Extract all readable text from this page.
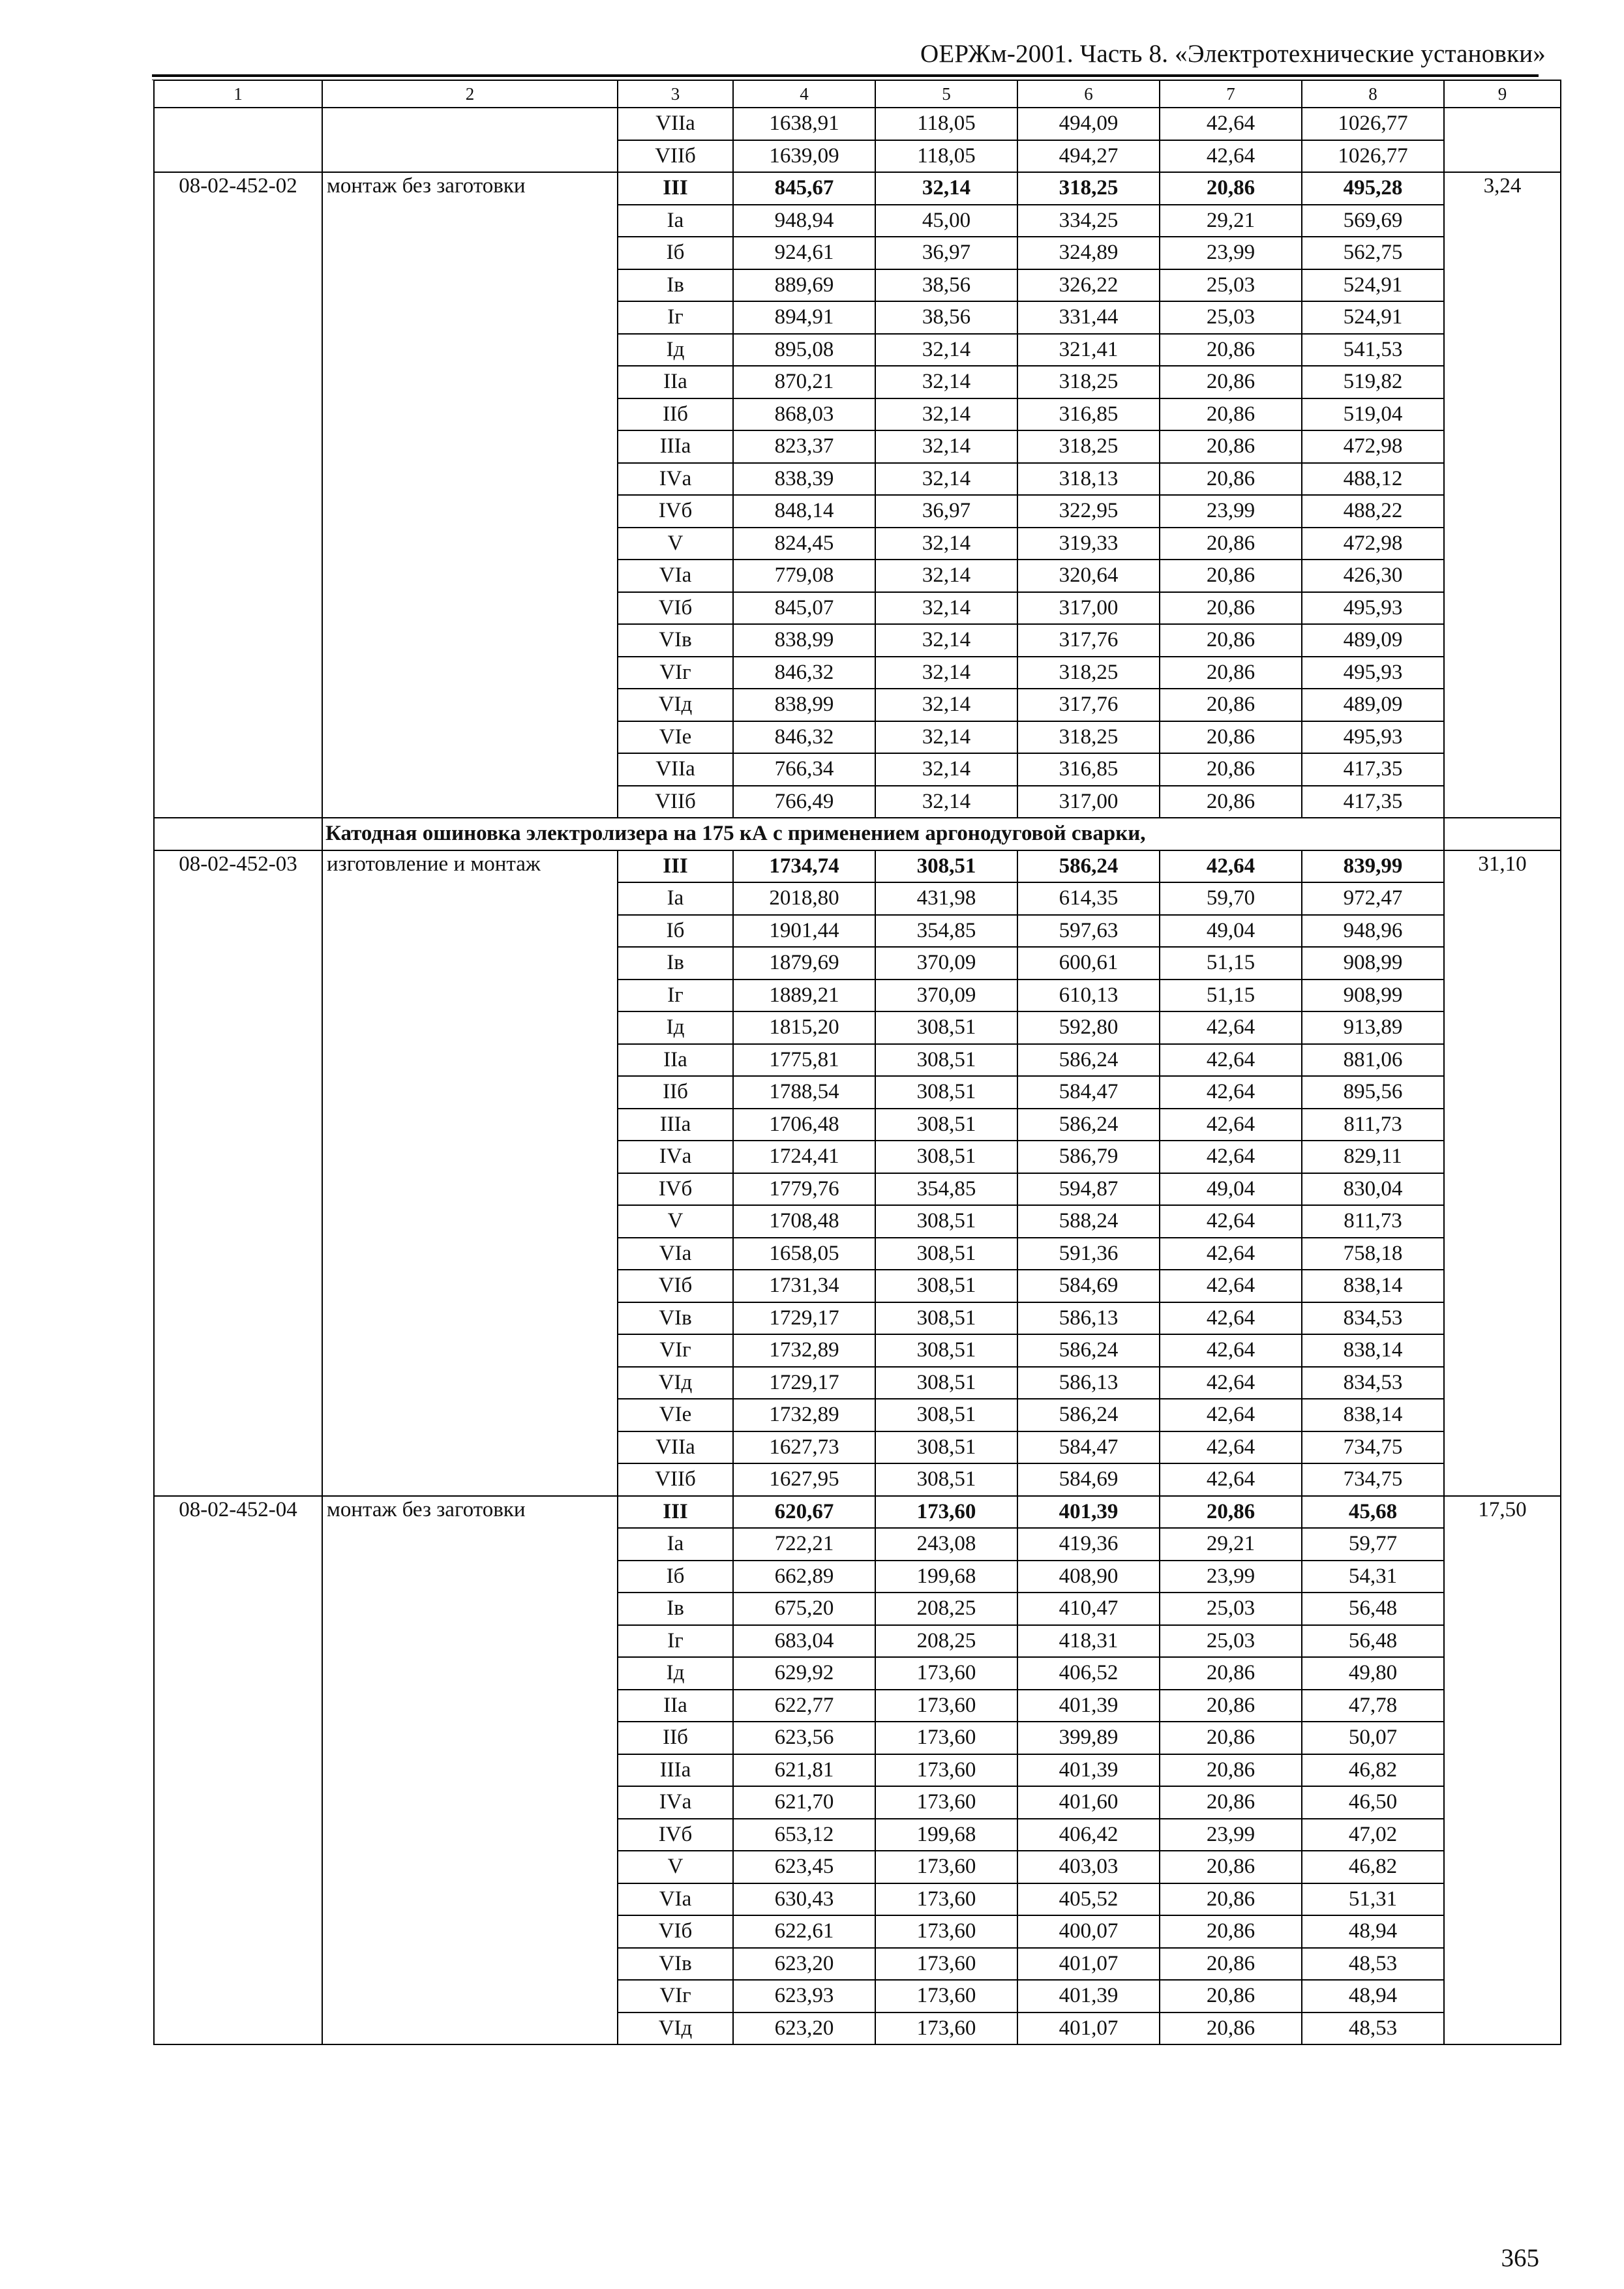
ОЕРЖм-2001. Часть 8. «Электротехнические установки»
1	2	3	4	5	6	7	8	9
		VIIа	1638,91	118,05	494,09	42,64	1026,77	
		VIIб	1639,09	118,05	494,27	42,64	1026,77	
08-02-452-02	монтаж без заготовки	III	845,67	32,14	318,25	20,86	495,28	3,24
		Iа	948,94	45,00	334,25	29,21	569,69	
		Iб	924,61	36,97	324,89	23,99	562,75	
		Iв	889,69	38,56	326,22	25,03	524,91	
		Iг	894,91	38,56	331,44	25,03	524,91	
		Iд	895,08	32,14	321,41	20,86	541,53	
		IIа	870,21	32,14	318,25	20,86	519,82	
		IIб	868,03	32,14	316,85	20,86	519,04	
		IIIа	823,37	32,14	318,25	20,86	472,98	
		IVа	838,39	32,14	318,13	20,86	488,12	
		IVб	848,14	36,97	322,95	23,99	488,22	
		V	824,45	32,14	319,33	20,86	472,98	
		VIа	779,08	32,14	320,64	20,86	426,30	
		VIб	845,07	32,14	317,00	20,86	495,93	
		VIв	838,99	32,14	317,76	20,86	489,09	
		VIг	846,32	32,14	318,25	20,86	495,93	
		VIд	838,99	32,14	317,76	20,86	489,09	
		VIе	846,32	32,14	318,25	20,86	495,93	
		VIIа	766,34	32,14	316,85	20,86	417,35	
		VIIб	766,49	32,14	317,00	20,86	417,35	
	Катодная ошиновка электролизера на 175 кА с применением аргонодуговой сварки,							
08-02-452-03	изготовление и монтаж	III	1734,74	308,51	586,24	42,64	839,99	31,10
		Iа	2018,80	431,98	614,35	59,70	972,47	
		Iб	1901,44	354,85	597,63	49,04	948,96	
		Iв	1879,69	370,09	600,61	51,15	908,99	
		Iг	1889,21	370,09	610,13	51,15	908,99	
		Iд	1815,20	308,51	592,80	42,64	913,89	
		IIа	1775,81	308,51	586,24	42,64	881,06	
		IIб	1788,54	308,51	584,47	42,64	895,56	
		IIIа	1706,48	308,51	586,24	42,64	811,73	
		IVа	1724,41	308,51	586,79	42,64	829,11	
		IVб	1779,76	354,85	594,87	49,04	830,04	
		V	1708,48	308,51	588,24	42,64	811,73	
		VIа	1658,05	308,51	591,36	42,64	758,18	
		VIб	1731,34	308,51	584,69	42,64	838,14	
		VIв	1729,17	308,51	586,13	42,64	834,53	
		VIг	1732,89	308,51	586,24	42,64	838,14	
		VIд	1729,17	308,51	586,13	42,64	834,53	
		VIе	1732,89	308,51	586,24	42,64	838,14	
		VIIа	1627,73	308,51	584,47	42,64	734,75	
		VIIб	1627,95	308,51	584,69	42,64	734,75	
08-02-452-04	монтаж без заготовки	III	620,67	173,60	401,39	20,86	45,68	17,50
		Iа	722,21	243,08	419,36	29,21	59,77	
		Iб	662,89	199,68	408,90	23,99	54,31	
		Iв	675,20	208,25	410,47	25,03	56,48	
		Iг	683,04	208,25	418,31	25,03	56,48	
		Iд	629,92	173,60	406,52	20,86	49,80	
		IIа	622,77	173,60	401,39	20,86	47,78	
		IIб	623,56	173,60	399,89	20,86	50,07	
		IIIа	621,81	173,60	401,39	20,86	46,82	
		IVа	621,70	173,60	401,60	20,86	46,50	
		IVб	653,12	199,68	406,42	23,99	47,02	
		V	623,45	173,60	403,03	20,86	46,82	
		VIа	630,43	173,60	405,52	20,86	51,31	
		VIб	622,61	173,60	400,07	20,86	48,94	
		VIв	623,20	173,60	401,07	20,86	48,53	
		VIг	623,93	173,60	401,39	20,86	48,94	
		VIд	623,20	173,60	401,07	20,86	48,53	
365
